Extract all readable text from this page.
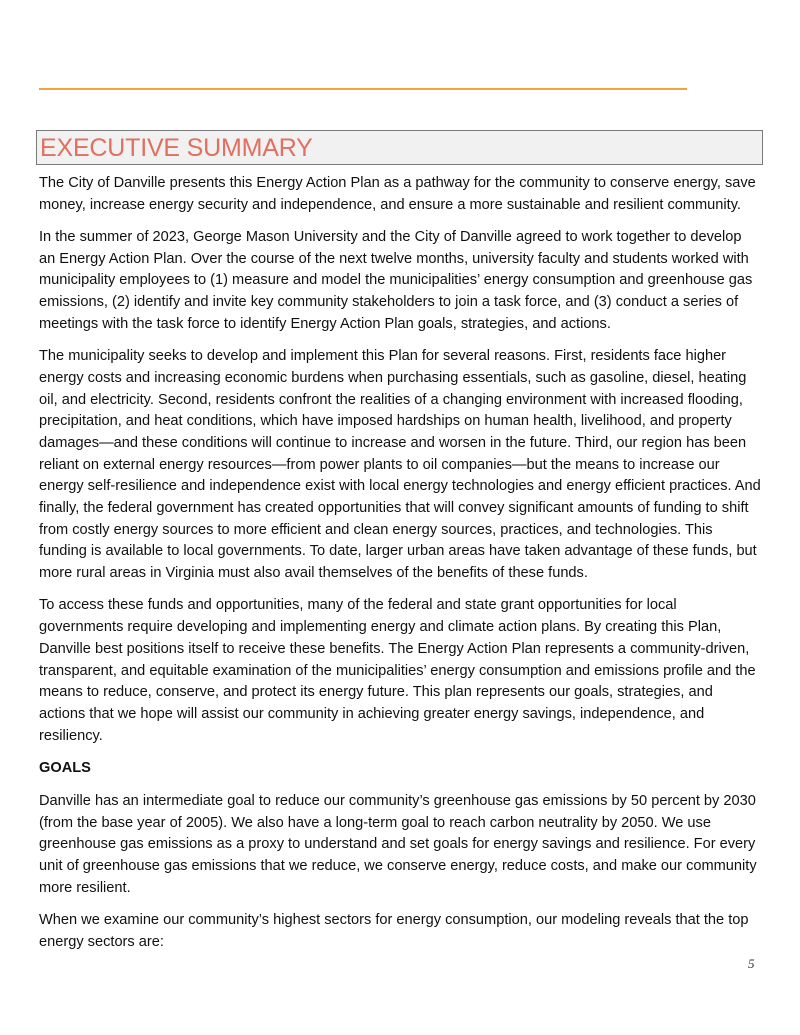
EXECUTIVE SUMMARY

The City of Danville presents this Energy Action Plan as a pathway for the community to conserve energy, save money, increase energy security and independence, and ensure a more sustainable and resilient community.

In the summer of 2023, George Mason University and the City of Danville agreed to work together to develop an Energy Action Plan. Over the course of the next twelve months, university faculty and students worked with municipality employees to (1) measure and model the municipalities’ energy consumption and greenhouse gas emissions, (2) identify and invite key community stakeholders to join a task force, and (3) conduct a series of meetings with the task force to identify Energy Action Plan goals, strategies, and actions.

The municipality seeks to develop and implement this Plan for several reasons. First, residents face higher energy costs and increasing economic burdens when purchasing essentials, such as gasoline, diesel, heating oil, and electricity. Second, residents confront the realities of a changing environment with increased flooding, precipitation, and heat conditions, which have imposed hardships on human health, livelihood, and property damages—and these conditions will continue to increase and worsen in the future. Third, our region has been reliant on external energy resources—from power plants to oil companies—but the means to increase our energy self-resilience and independence exist with local energy technologies and energy efficient practices. And finally, the federal government has created opportunities that will convey significant amounts of funding to shift from costly energy sources to more efficient and clean energy sources, practices, and technologies. This funding is available to local governments. To date, larger urban areas have taken advantage of these funds, but more rural areas in Virginia must also avail themselves of the benefits of these funds.

To access these funds and opportunities, many of the federal and state grant opportunities for local governments require developing and implementing energy and climate action plans. By creating this Plan, Danville best positions itself to receive these benefits. The Energy Action Plan represents a community-driven, transparent, and equitable examination of the municipalities’ energy consumption and emissions profile and the means to reduce, conserve, and protect its energy future. This plan represents our goals, strategies, and actions that we hope will assist our community in achieving greater energy savings, independence, and resiliency.

GOALS

Danville has an intermediate goal to reduce our community’s greenhouse gas emissions by 50 percent by 2030 (from the base year of 2005). We also have a long-term goal to reach carbon neutrality by 2050. We use greenhouse gas emissions as a proxy to understand and set goals for energy savings and resilience. For every unit of greenhouse gas emissions that we reduce, we conserve energy, reduce costs, and make our community more resilient.

When we examine our community’s highest sectors for energy consumption, our modeling reveals that the top energy sectors are:

5
